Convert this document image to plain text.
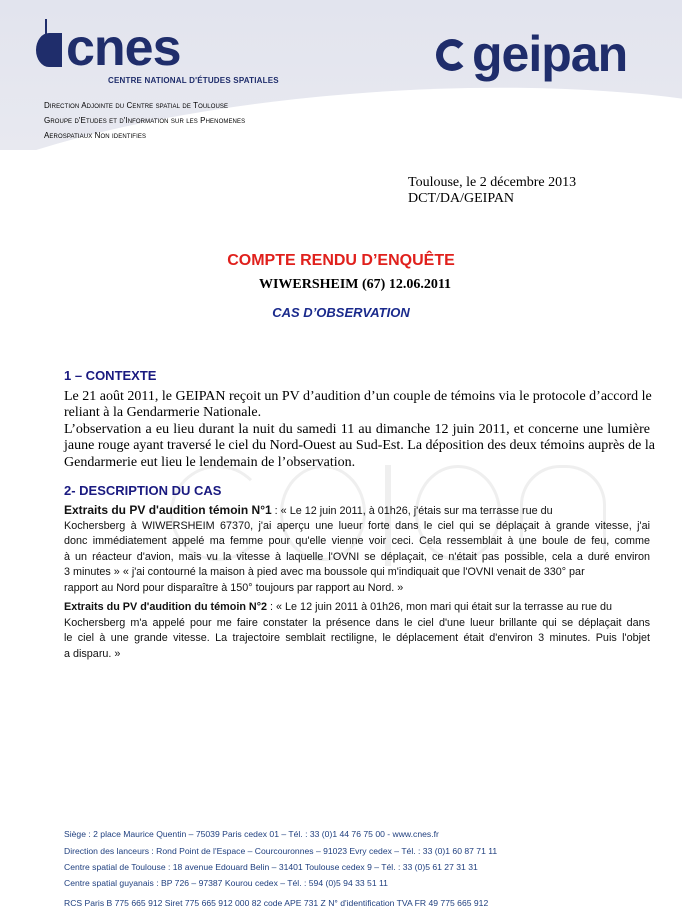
cnes
CENTRE NATIONAL D'ÉTUDES SPATIALES	geipan
Direction Adjointe du Centre spatial de Toulouse
Groupe d'Etudes et d'Information sur les Phenomenes
Aerospatiaux Non identifies
Toulouse, le 2 décembre 2013
DCT/DA/GEIPAN
COMPTE RENDU D’ENQUÊTE
WIWERSHEIM (67) 12.06.2011
CAS D’OBSERVATION
1 – CONTEXTE
Le 21 août 2011, le GEIPAN reçoit un PV d’audition d’un couple de témoins via le protocole d’accord le
reliant à la Gendarmerie Nationale.
L’observation a eu lieu durant la nuit du samedi 11 au dimanche 12 juin 2011, et concerne une lumière
jaune rouge ayant traversé le ciel du Nord-Ouest au Sud-Est. La déposition des deux témoins auprès de la
Gendarmerie eut lieu le lendemain de l’observation.
2- DESCRIPTION DU CAS
Extraits du PV d'audition témoin N°1 : « Le 12 juin 2011, à 01h26, j'étais sur ma terrasse rue du
Kochersberg à WIWERSHEIM 67370, j'ai aperçu une lueur forte dans le ciel qui se déplaçait à grande vitesse, j'ai
donc immédiatement appelé ma femme pour qu'elle vienne voir ceci. Cela ressemblait à une boule de feu, comme
à un réacteur d'avion, mais vu la vitesse à laquelle l'OVNI se déplaçait, ce n'était pas possible, cela a duré environ
3 minutes » « j'ai contourné la maison à pied avec ma boussole qui m'indiquait que l'OVNI venait de 330° par
rapport au Nord pour disparaître à 150° toujours par rapport au Nord. »
Extraits du PV d'audition du témoin N°2 : « Le 12 juin 2011 à 01h26, mon mari qui était sur la terrasse au rue du
Kochersberg m'a appelé pour me faire constater la présence dans le ciel d'une lueur brillante qui se déplaçait dans
le ciel à une grande vitesse. La trajectoire semblait rectiligne, le déplacement était d'environ 3 minutes. Puis l'objet
a disparu. »
Siège : 2 place Maurice Quentin – 75039 Paris cedex 01 – Tél. : 33 (0)1 44 76 75 00 - www.cnes.fr
Direction des lanceurs : Rond Point de l'Espace – Courcouronnes – 91023 Evry cedex – Tél. : 33 (0)1 60 87 71 11
Centre spatial de Toulouse : 18 avenue Edouard Belin – 31401 Toulouse cedex 9 – Tél. : 33 (0)5 61 27 31 31
Centre spatial guyanais : BP 726 – 97387 Kourou cedex – Tél. : 594 (0)5 94 33 51 11
RCS Paris B 775 665 912 Siret 775 665 912 000 82 code APE 731 Z N° d'identification TVA FR 49 775 665 912
